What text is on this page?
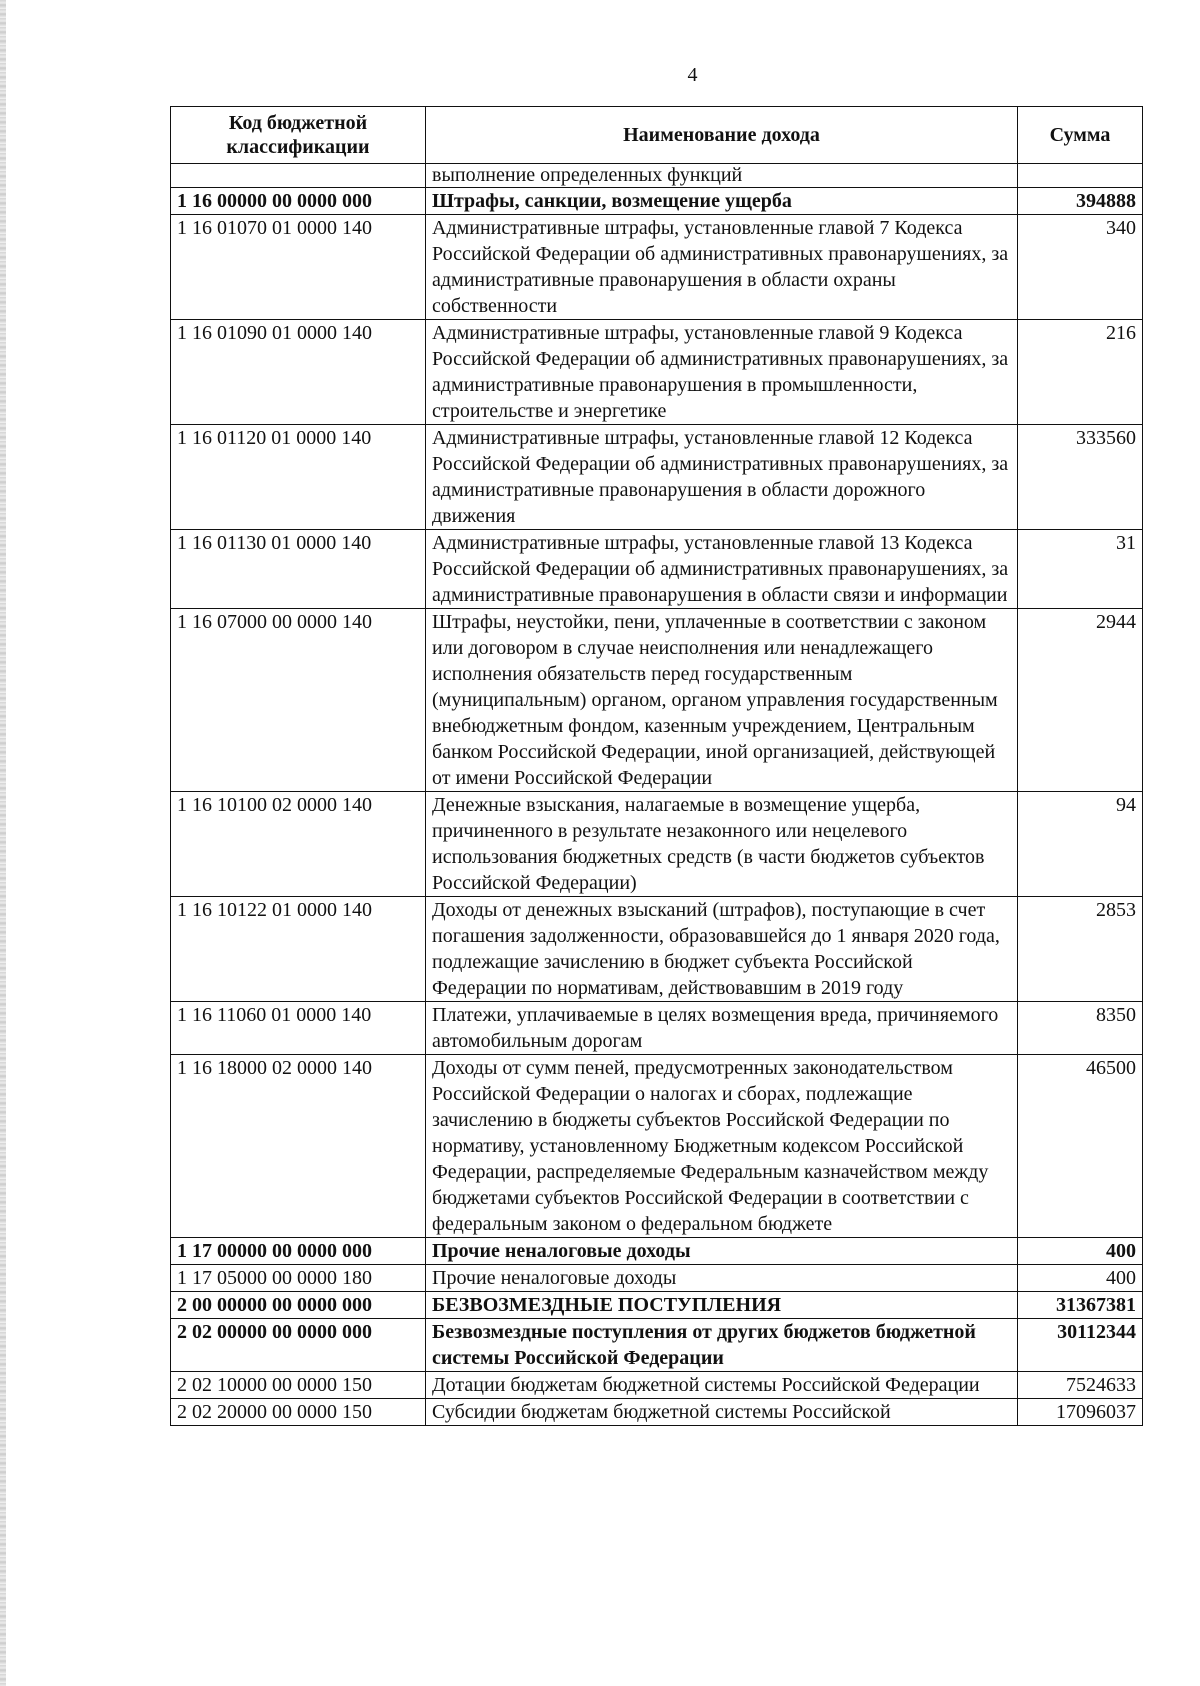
4
Код бюджетной классификации	Наименование дохода	Сумма
	выполнение определенных функций	
1 16 00000 00 0000 000	Штрафы, санкции, возмещение ущерба	394888
1 16 01070 01 0000 140	Административные штрафы, установленные главой 7 Кодекса Российской Федерации об административных правонарушениях, за административные правонарушения в области охраны собственности	340
1 16 01090 01 0000 140	Административные штрафы, установленные главой 9 Кодекса Российской Федерации об административных правонарушениях, за административные правонарушения в промышленности, строительстве и энергетике	216
1 16 01120 01 0000 140	Административные штрафы, установленные главой 12 Кодекса Российской Федерации об административных правонарушениях, за административные правонарушения в области дорожного движения	333560
1 16 01130 01 0000 140	Административные штрафы, установленные главой 13 Кодекса Российской Федерации об административных правонарушениях, за административные правонарушения в области связи и информации	31
1 16 07000 00 0000 140	Штрафы, неустойки, пени, уплаченные в соответствии с законом или договором в случае неисполнения или ненадлежащего исполнения обязательств перед государственным (муниципальным) органом, органом управления государственным внебюджетным фондом, казенным учреждением, Центральным банком Российской Федерации, иной организацией, действующей от имени Российской Федерации	2944
1 16 10100 02 0000 140	Денежные взыскания, налагаемые в возмещение ущерба, причиненного в результате незаконного или нецелевого использования бюджетных средств (в части бюджетов субъектов Российской Федерации)	94
1 16 10122 01 0000 140	Доходы от денежных взысканий (штрафов), поступающие в счет погашения задолженности, образовавшейся до 1 января 2020 года, подлежащие зачислению в бюджет субъекта Российской Федерации по нормативам, действовавшим в 2019 году	2853
1 16 11060 01 0000 140	Платежи, уплачиваемые в целях возмещения вреда, причиняемого автомобильным дорогам	8350
1 16 18000 02 0000 140	Доходы от сумм пеней, предусмотренных законодательством Российской Федерации о налогах и сборах, подлежащие зачислению в бюджеты субъектов Российской Федерации по нормативу, установленному Бюджетным кодексом Российской Федерации, распределяемые Федеральным казначейством между бюджетами субъектов Российской Федерации в соответствии с федеральным законом о федеральном бюджете	46500
1 17 00000 00 0000 000	Прочие неналоговые доходы	400
1 17 05000 00 0000 180	Прочие неналоговые доходы	400
2 00 00000 00 0000 000	БЕЗВОЗМЕЗДНЫЕ ПОСТУПЛЕНИЯ	31367381
2 02 00000 00 0000 000	Безвозмездные поступления от других бюджетов бюджетной системы Российской Федерации	30112344
2 02 10000 00 0000 150	Дотации бюджетам бюджетной системы Российской Федерации	7524633
2 02 20000 00 0000 150	Субсидии бюджетам бюджетной системы Российской	17096037
